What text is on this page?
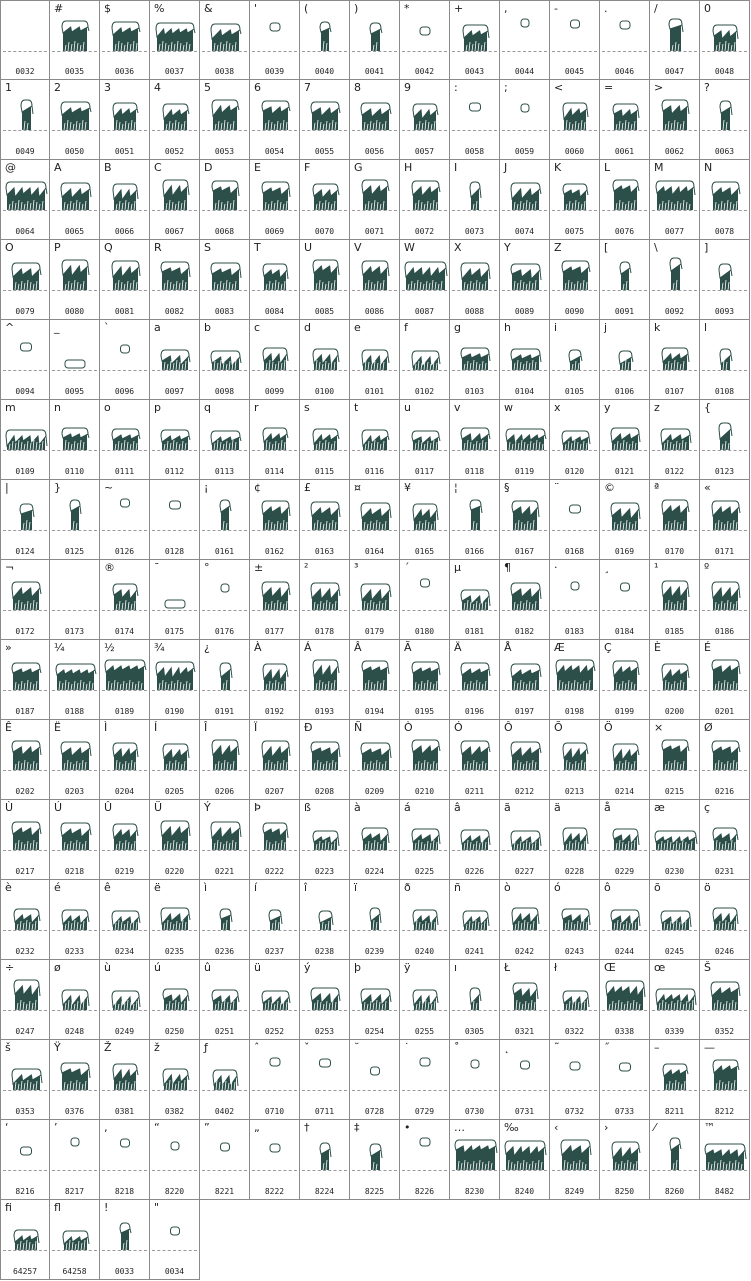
0032
#
0035
$
0036
%
0037
&
0038
'
0039
(
0040
)
0041
*
0042
+
0043
,
0044
-
0045
.
0046
/
0047
0
0048
1
0049
2
0050
3
0051
4
0052
5
0053
6
0054
7
0055
8
0056
9
0057
:
0058
;
0059
<
0060
=
0061
>
0062
?
0063
@
0064
A
0065
B
0066
C
0067
D
0068
E
0069
F
0070
G
0071
H
0072
I
0073
J
0074
K
0075
L
0076
M
0077
N
0078
O
0079
P
0080
Q
0081
R
0082
S
0083
T
0084
U
0085
V
0086
W
0087
X
0088
Y
0089
Z
0090
[
0091
\
0092
]
0093
^
0094
_
0095
`
0096
a
0097
b
0098
c
0099
d
0100
e
0101
f
0102
g
0103
h
0104
i
0105
j
0106
k
0107
l
0108
m
0109
n
0110
o
0111
p
0112
q
0113
r
0114
s
0115
t
0116
u
0117
v
0118
w
0119
x
0120
y
0121
z
0122
{
0123
|
0124
}
0125
~
0126	0128
¡
0161
¢
0162
£
0163
¤
0164
¥
0165
¦
0166
§
0167
¨
0168
©
0169
ª
0170
«
0171
¬
0172	0173
®
0174
¯
0175
°
0176
±
0177
²
0178
³
0179
´
0180
µ
0181
¶
0182
·
0183
¸
0184
¹
0185
º
0186
»
0187
¼
0188
½
0189
¾
0190
¿
0191
À
0192
Á
0193
Â
0194
Ã
0195
Ä
0196
Å
0197
Æ
0198
Ç
0199
È
0200
É
0201
Ê
0202
Ë
0203
Ì
0204
Í
0205
Î
0206
Ï
0207
Ð
0208
Ñ
0209
Ò
0210
Ó
0211
Ô
0212
Õ
0213
Ö
0214
×
0215
Ø
0216
Ù
0217
Ú
0218
Û
0219
Ü
0220
Ý
0221
Þ
0222
ß
0223
à
0224
á
0225
â
0226
ã
0227
ä
0228
å
0229
æ
0230
ç
0231
è
0232
é
0233
ê
0234
ë
0235
ì
0236
í
0237
î
0238
ï
0239
ð
0240
ñ
0241
ò
0242
ó
0243
ô
0244
õ
0245
ö
0246
÷
0247
ø
0248
ù
0249
ú
0250
û
0251
ü
0252
ý
0253
þ
0254
ÿ
0255
ı
0305
Ł
0321
ł
0322
Œ
0338
œ
0339
Š
0352
š
0353
Ÿ
0376
Ž
0381
ž
0382
ƒ
0402
ˆ
0710
ˇ
0711
˘
0728
˙
0729
˚
0730
˛
0731
˜
0732
˝
0733
–
8211
—
8212
‘
8216
’
8217
‚
8218
“
8220
”
8221
„
8222
†
8224
‡
8225
•
8226
…
8230
‰
8240
‹
8249
›
8250
⁄
8260
™
8482
fi
64257
fl
64258
!
0033
"
0034
